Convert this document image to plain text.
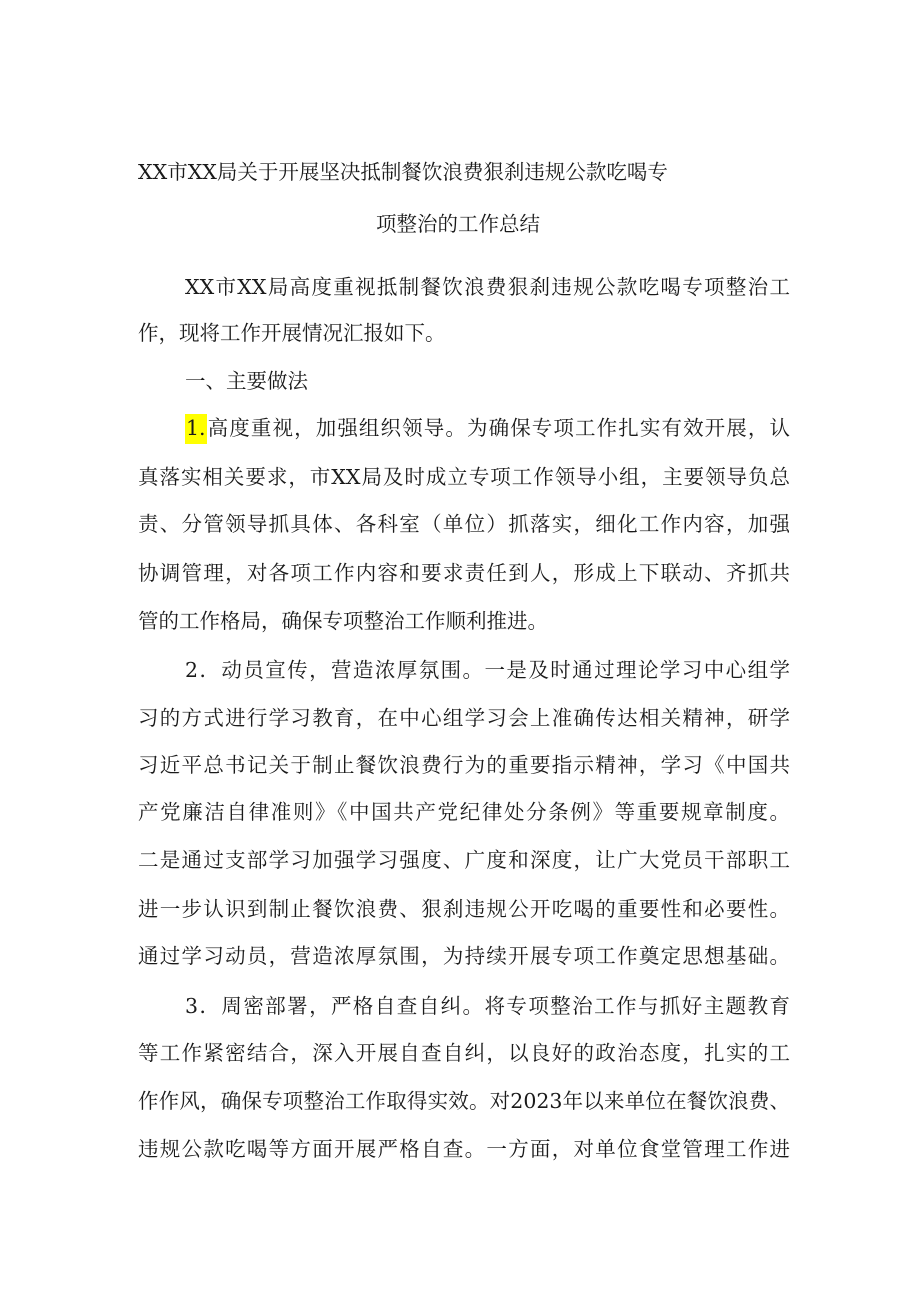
XX市XX局关于开展坚决抵制餐饮浪费狠刹违规公款吃喝专
项整治的工作总结
XX市XX局高度重视抵制餐饮浪费狠刹违规公款吃喝专项整治工
作，现将工作开展情况汇报如下。
一、主要做法
1.高度重视，加强组织领导。为确保专项工作扎实有效开展，认
真落实相关要求，市XX局及时成立专项工作领导小组，主要领导负总
责、分管领导抓具体、各科室（单位）抓落实，细化工作内容，加强
协调管理，对各项工作内容和要求责任到人，形成上下联动、齐抓共
管的工作格局，确保专项整治工作顺利推进。
2．动员宣传，营造浓厚氛围。一是及时通过理论学习中心组学
习的方式进行学习教育，在中心组学习会上准确传达相关精神，研学
习近平总书记关于制止餐饮浪费行为的重要指示精神，学习《中国共
产党廉洁自律准则》《中国共产党纪律处分条例》等重要规章制度。
二是通过支部学习加强学习强度、广度和深度，让广大党员干部职工
进一步认识到制止餐饮浪费、狠刹违规公开吃喝的重要性和必要性。
通过学习动员，营造浓厚氛围，为持续开展专项工作奠定思想基础。
3．周密部署，严格自查自纠。将专项整治工作与抓好主题教育
等工作紧密结合，深入开展自查自纠，以良好的政治态度，扎实的工
作作风，确保专项整治工作取得实效。对2023年以来单位在餐饮浪费、
违规公款吃喝等方面开展严格自查。一方面，对单位食堂管理工作进
